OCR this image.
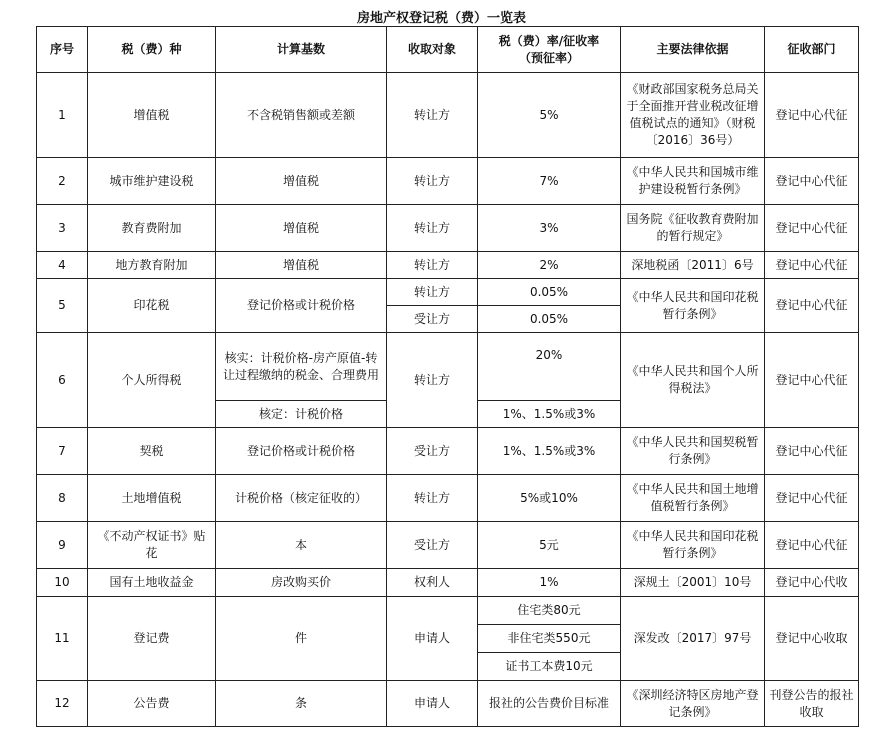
房地产权登记税（费）一览表
序号	税（费）种	计算基数	收取对象	税（费）率/征收率（预征率）	主要法律依据	征收部门
1	增值税	不含税销售额或差额	转让方	5%	《财政部国家税务总局关于全面推开营业税改征增值税试点的通知》（财税〔2016〕36号）	登记中心代征
2	城市维护建设税	增值税	转让方	7%	《中华人民共和国城市维护建设税暂行条例》	登记中心代征
3	教育费附加	增值税	转让方	3%	国务院《征收教育费附加的暂行规定》	登记中心代征
4	地方教育附加	增值税	转让方	2%	深地税函〔2011〕6号	登记中心代征
5	印花税	登记价格或计税价格	转让方	0.05%	《中华人民共和国印花税暂行条例》	登记中心代征
			受让方	0.05%		
6	个人所得税	核实：计税价格-房产原值-转让过程缴纳的税金、合理费用	转让方	20%	《中华人民共和国个人所得税法》	登记中心代征
		核定：计税价格		1%、1.5%或3%		
7	契税	登记价格或计税价格	受让方	1%、1.5%或3%	《中华人民共和国契税暂行条例》	登记中心代征
8	土地增值税	计税价格（核定征收的）	转让方	5%或10%	《中华人民共和国土地增值税暂行条例》	登记中心代征
9	《不动产权证书》贴花	本	受让方	5元	《中华人民共和国印花税暂行条例》	登记中心代征
10	国有土地收益金	房改购买价	权利人	1%	深规土〔2001〕10号	登记中心代收
11	登记费	件	申请人	住宅类80元	深发改〔2017〕97号	登记中心收取
				非住宅类550元		
				证书工本费10元		
12	公告费	条	申请人	报社的公告费价目标准	《深圳经济特区房地产登记条例》	刊登公告的报社收取
